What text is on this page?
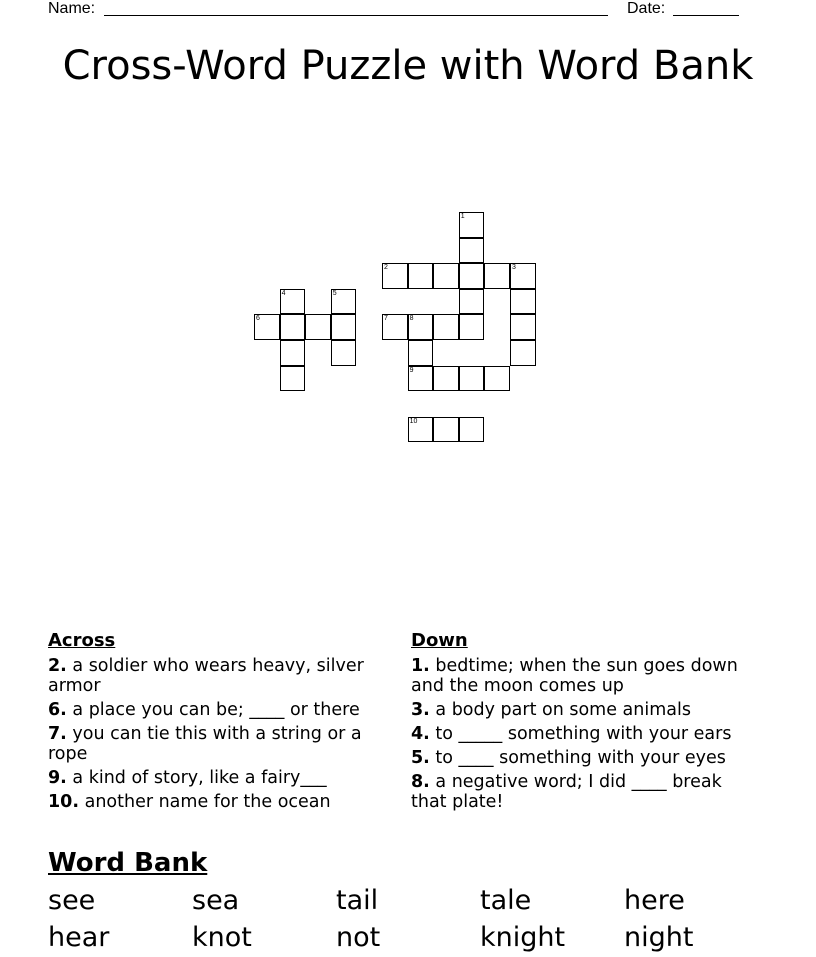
Name:	Date:
Cross-Word Puzzle with Word Bank
1
2	3
4	5
6	7	8
9
10
Across
2. a soldier who wears heavy, silver armor
6. a place you can be; ____ or there
7. you can tie this with a string or a rope
9. a kind of story, like a fairy___
10. another name for the ocean
Down
1. bedtime; when the sun goes down and the moon comes up
3. a body part on some animals
4. to _____ something with your ears
5. to ____ something with your eyes
8. a negative word; I did ____ break that plate!
Word Bank
see	sea	tail	tale	here
hear	knot	not	knight	night
